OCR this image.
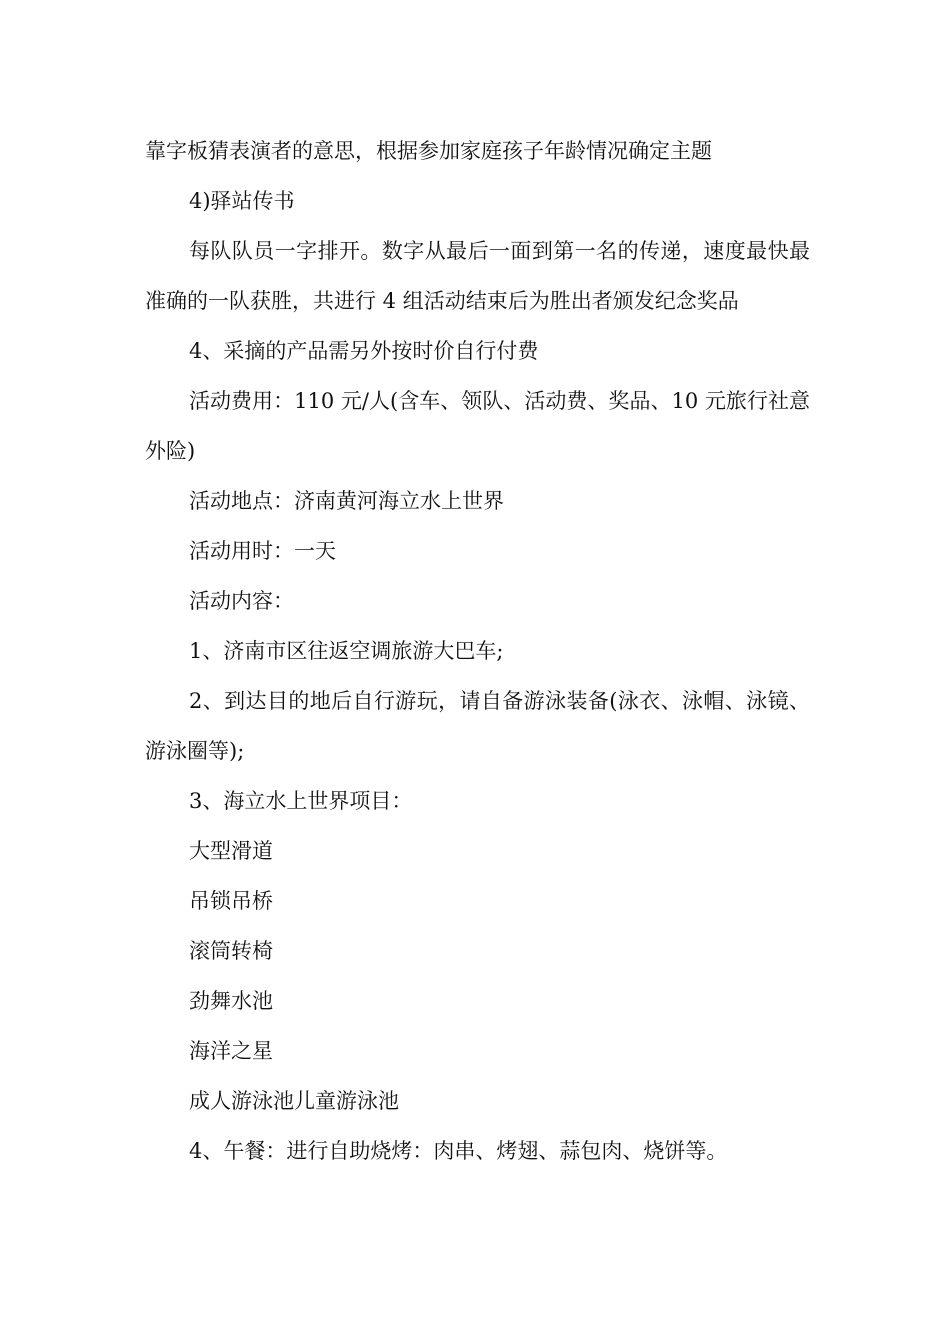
靠字板猜表演者的意思，根据参加家庭孩子年龄情况确定主题

4)驿站传书

每队队员一字排开。数字从最后一面到第一名的传递，速度最快最准确的一队获胜，共进行 4 组活动结束后为胜出者颁发纪念奖品

4、采摘的产品需另外按时价自行付费

活动费用：110 元/人(含车、领队、活动费、奖品、10 元旅行社意外险)

活动地点：济南黄河海立水上世界

活动用时：一天

活动内容：

1、济南市区往返空调旅游大巴车;

2、到达目的地后自行游玩，请自备游泳装备(泳衣、泳帽、泳镜、游泳圈等);

3、海立水上世界项目：

大型滑道

吊锁吊桥

滚筒转椅

劲舞水池

海洋之星

成人游泳池儿童游泳池

4、午餐：进行自助烧烤：肉串、烤翅、蒜包肉、烧饼等。
